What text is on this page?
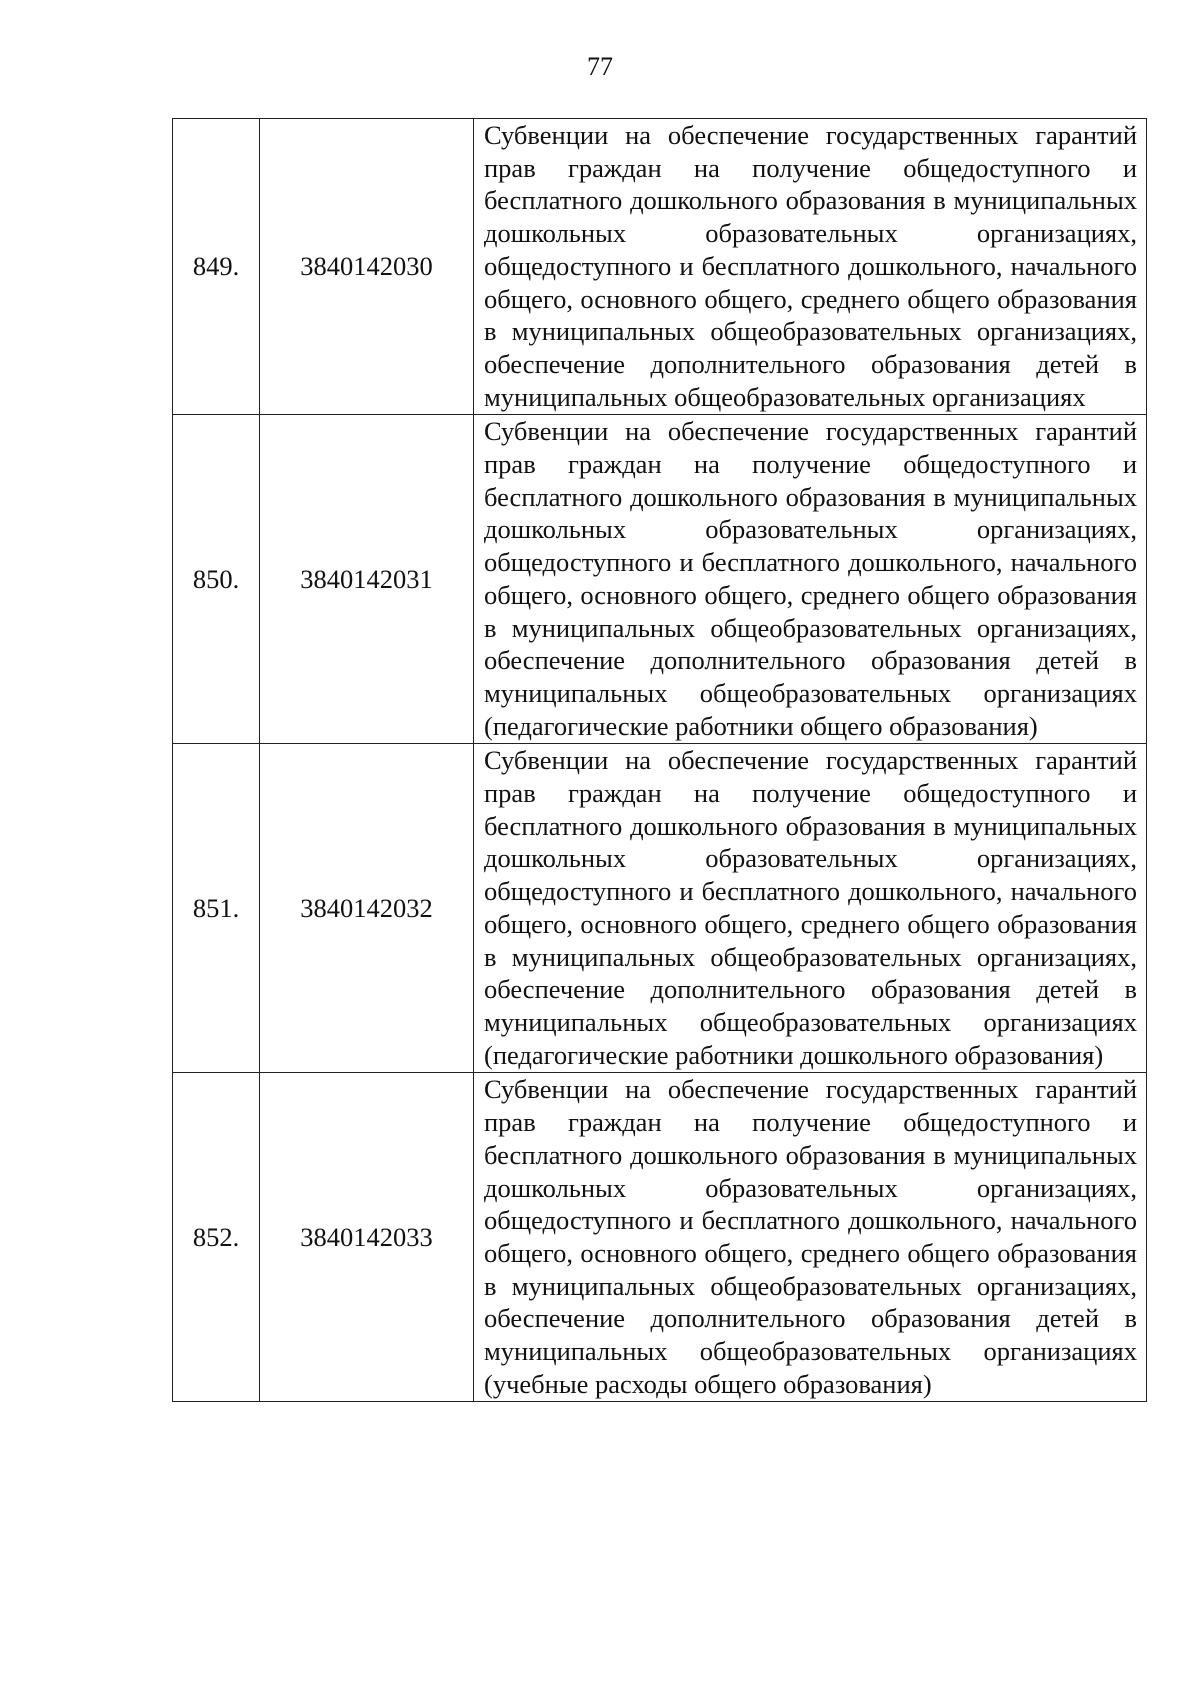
77
849.	3840142030	Субвенции на обеспечение государственных гарантий прав граждан на получение общедоступного и бесплатного дошкольного образования в муниципальных дошкольных образовательных организациях, общедоступного и бесплатного дошкольного, начального общего, основного общего, среднего общего образования в муниципальных общеобразовательных организациях, обеспечение дополнительного образования детей в муниципальных общеобразовательных организациях
850.	3840142031	Субвенции на обеспечение государственных гарантий прав граждан на получение общедоступного и бесплатного дошкольного образования в муниципальных дошкольных образовательных организациях, общедоступного и бесплатного дошкольного, начального общего, основного общего, среднего общего образования в муниципальных общеобразовательных организациях, обеспечение дополнительного образования детей в муниципальных общеобразовательных организациях (педагогические работники общего образования)
851.	3840142032	Субвенции на обеспечение государственных гарантий прав граждан на получение общедоступного и бесплатного дошкольного образования в муниципальных дошкольных образовательных организациях, общедоступного и бесплатного дошкольного, начального общего, основного общего, среднего общего образования в муниципальных общеобразовательных организациях, обеспечение дополнительного образования детей в муниципальных общеобразовательных организациях (педагогические работники дошкольного образования)
852.	3840142033	Субвенции на обеспечение государственных гарантий прав граждан на получение общедоступного и бесплатного дошкольного образования в муниципальных дошкольных образовательных организациях, общедоступного и бесплатного дошкольного, начального общего, основного общего, среднего общего образования в муниципальных общеобразовательных организациях, обеспечение дополнительного образования детей в муниципальных общеобразовательных организациях (учебные расходы общего образования)
